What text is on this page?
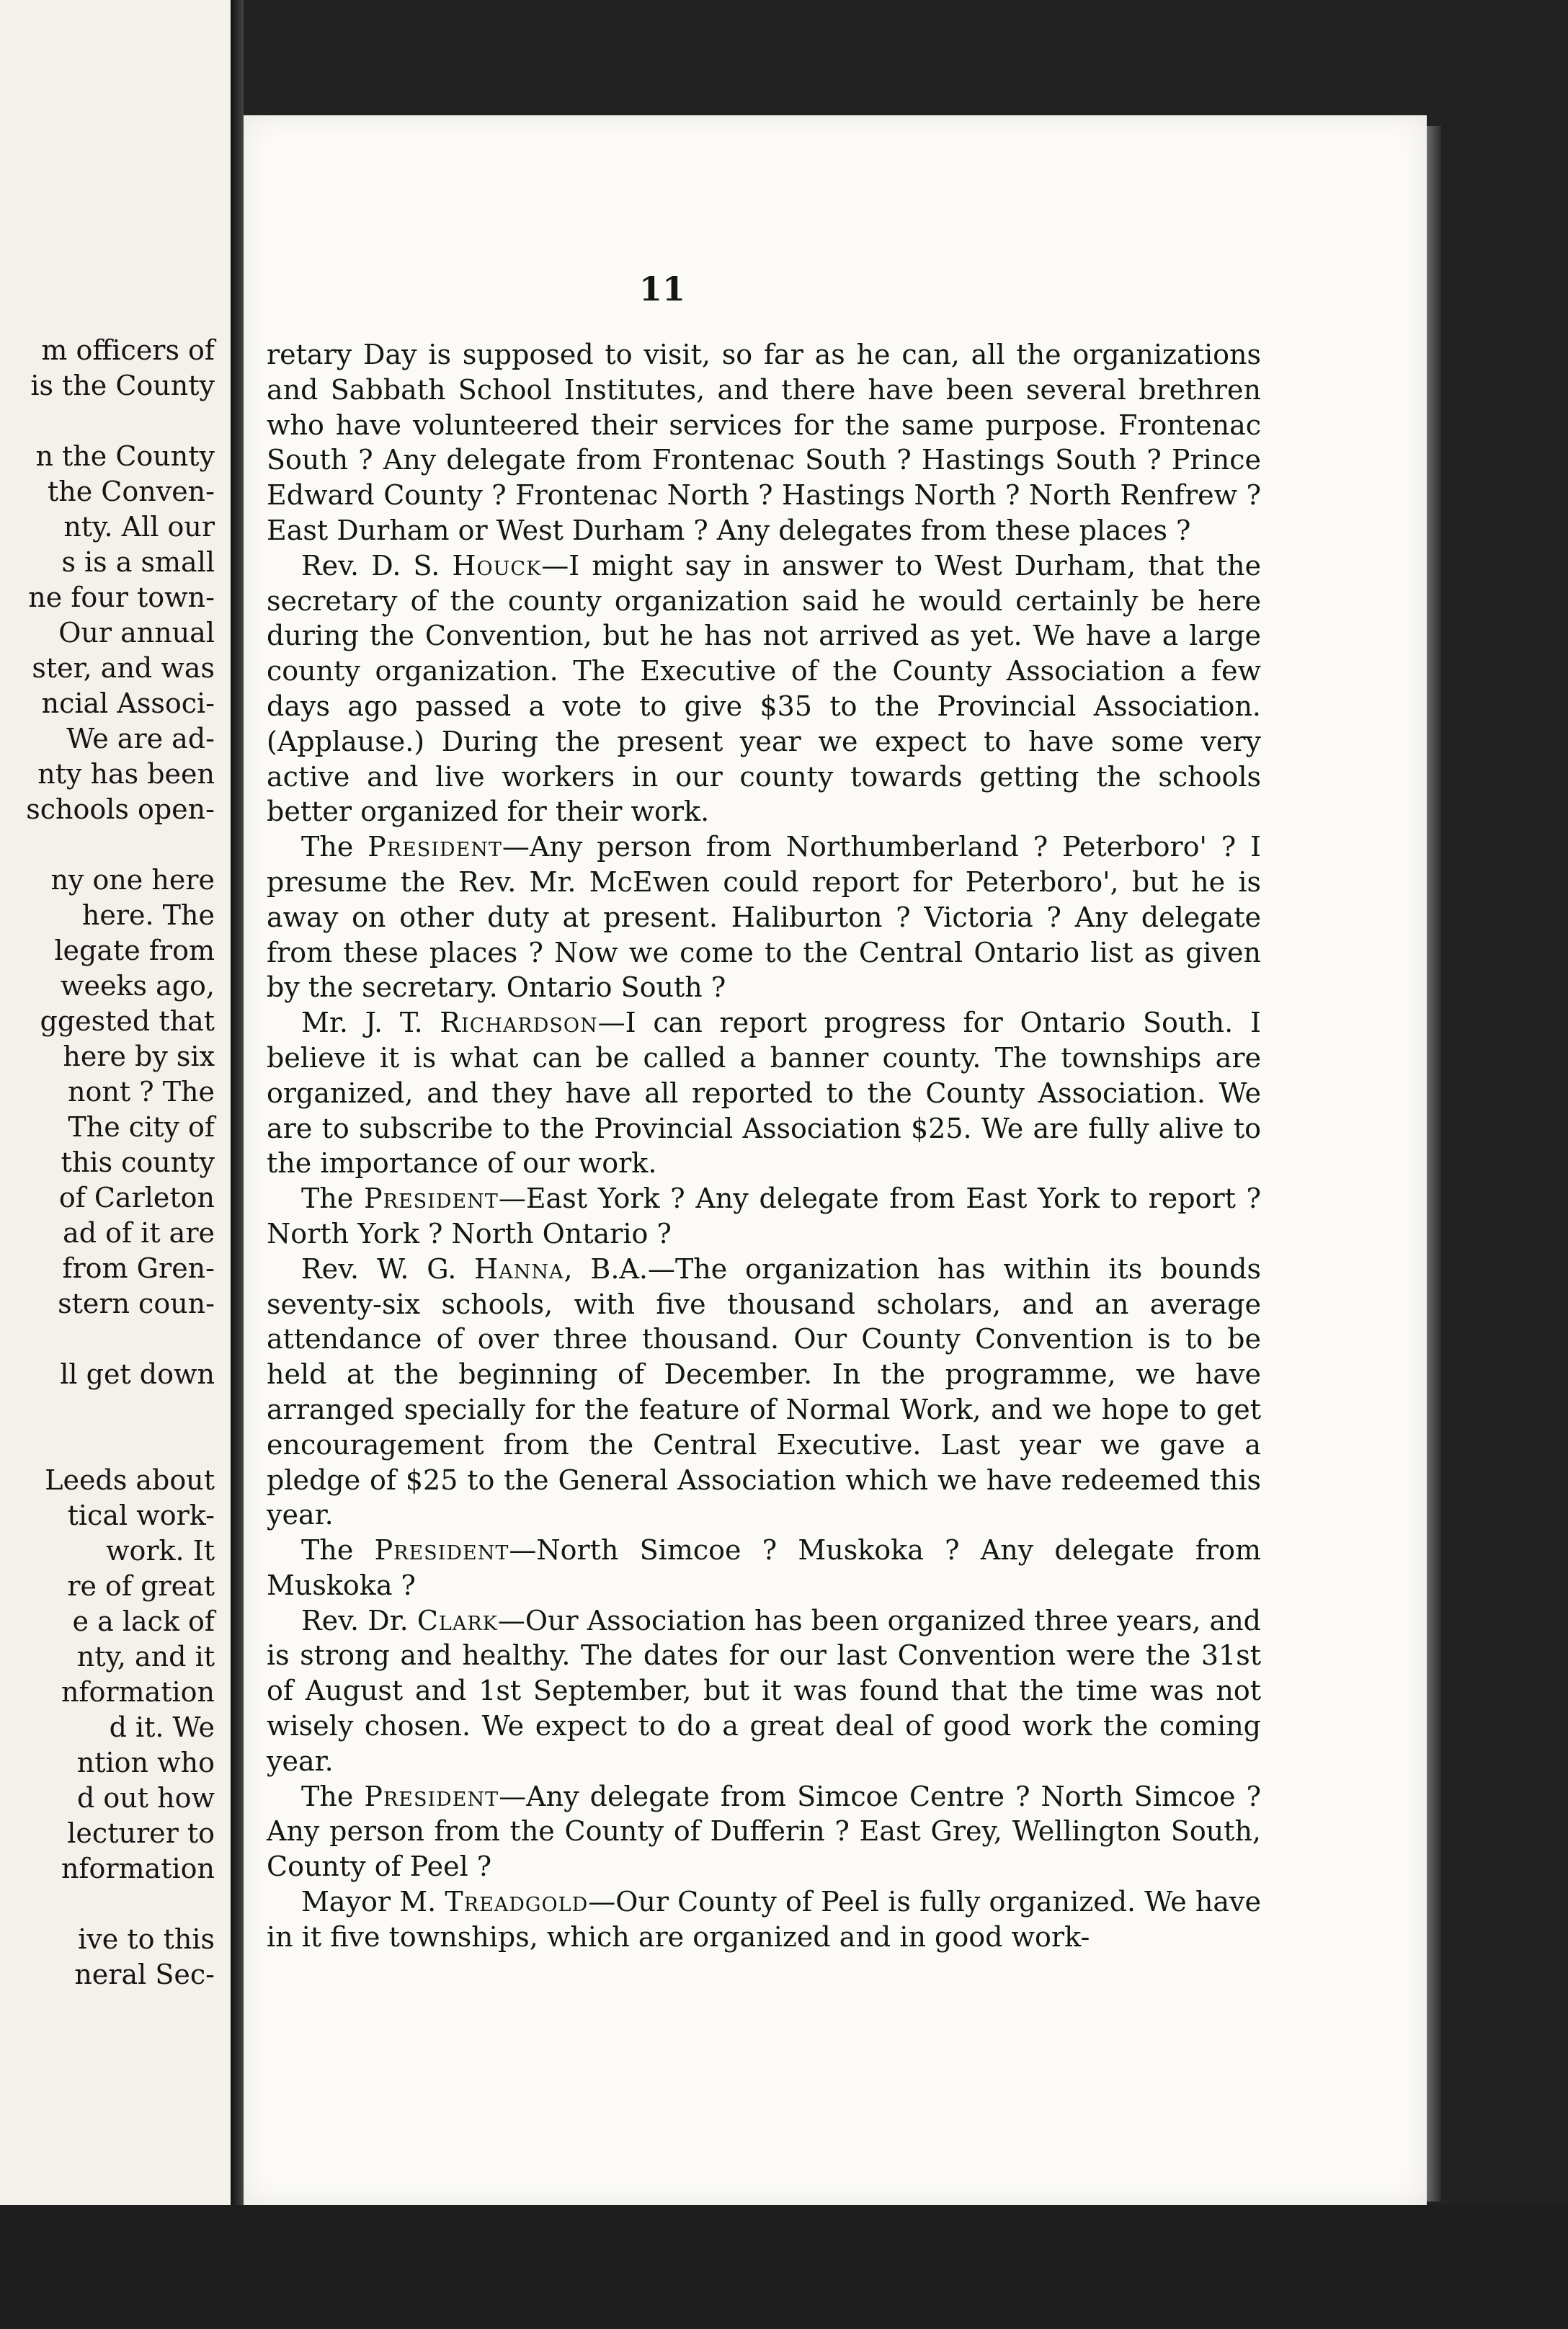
m officers of
is the County
n the County
the Conven-
nty. All our
s is a small
ne four town-
Our annual
ster, and was
ncial Associ-
We are ad-
nty has been
schools open-
ny one here
here. The
legate from
weeks ago,
ggested that
here by six
nont ? The
The city of
this county
of Carleton
ad of it are
from Gren-
stern coun-
ll get down
Leeds about
tical work-
work. It
re of great
e a lack of
nty, and it
nformation
d it. We
ntion who
d out how
lecturer to
nformation
ive to this
neral Sec-
11

retary Day is supposed to visit, so far as he can, all the organizations and Sabbath School Institutes, and there have been several brethren who have volunteered their services for the same purpose. Frontenac South ? Any delegate from Frontenac South ? Hastings South ? Prince Edward County ? Frontenac North ? Hastings North ? North Renfrew ? East Durham or West Durham ? Any delegates from these places ?

Rev. D. S. Houck—I might say in answer to West Durham, that the secretary of the county organization said he would certainly be here during the Convention, but he has not arrived as yet. We have a large county organization. The Executive of the County Association a few days ago passed a vote to give $35 to the Provincial Association. (Applause.) During the present year we expect to have some very active and live workers in our county towards getting the schools better organized for their work.

The President—Any person from Northumberland ? Peterboro' ? I presume the Rev. Mr. McEwen could report for Peterboro', but he is away on other duty at present. Haliburton ? Victoria ? Any delegate from these places ? Now we come to the Central Ontario list as given by the secretary. Ontario South ?

Mr. J. T. Richardson—I can report progress for Ontario South. I believe it is what can be called a banner county. The townships are organized, and they have all reported to the County Association. We are to subscribe to the Provincial Association $25. We are fully alive to the importance of our work.

The President—East York ? Any delegate from East York to report ? North York ? North Ontario ?

Rev. W. G. Hanna, B.A.—The organization has within its bounds seventy-six schools, with five thousand scholars, and an average attendance of over three thousand. Our County Convention is to be held at the beginning of December. In the programme, we have arranged specially for the feature of Normal Work, and we hope to get encouragement from the Central Executive. Last year we gave a pledge of $25 to the General Association which we have redeemed this year.

The President—North Simcoe ? Muskoka ? Any delegate from Muskoka ?

Rev. Dr. Clark—Our Association has been organized three years, and is strong and healthy. The dates for our last Convention were the 31st of August and 1st September, but it was found that the time was not wisely chosen. We expect to do a great deal of good work the coming year.

The President—Any delegate from Simcoe Centre ? North Simcoe ? Any person from the County of Dufferin ? East Grey, Wellington South, County of Peel ?

Mayor M. Treadgold—Our County of Peel is fully organized. We have in it five townships, which are organized and in good work-
